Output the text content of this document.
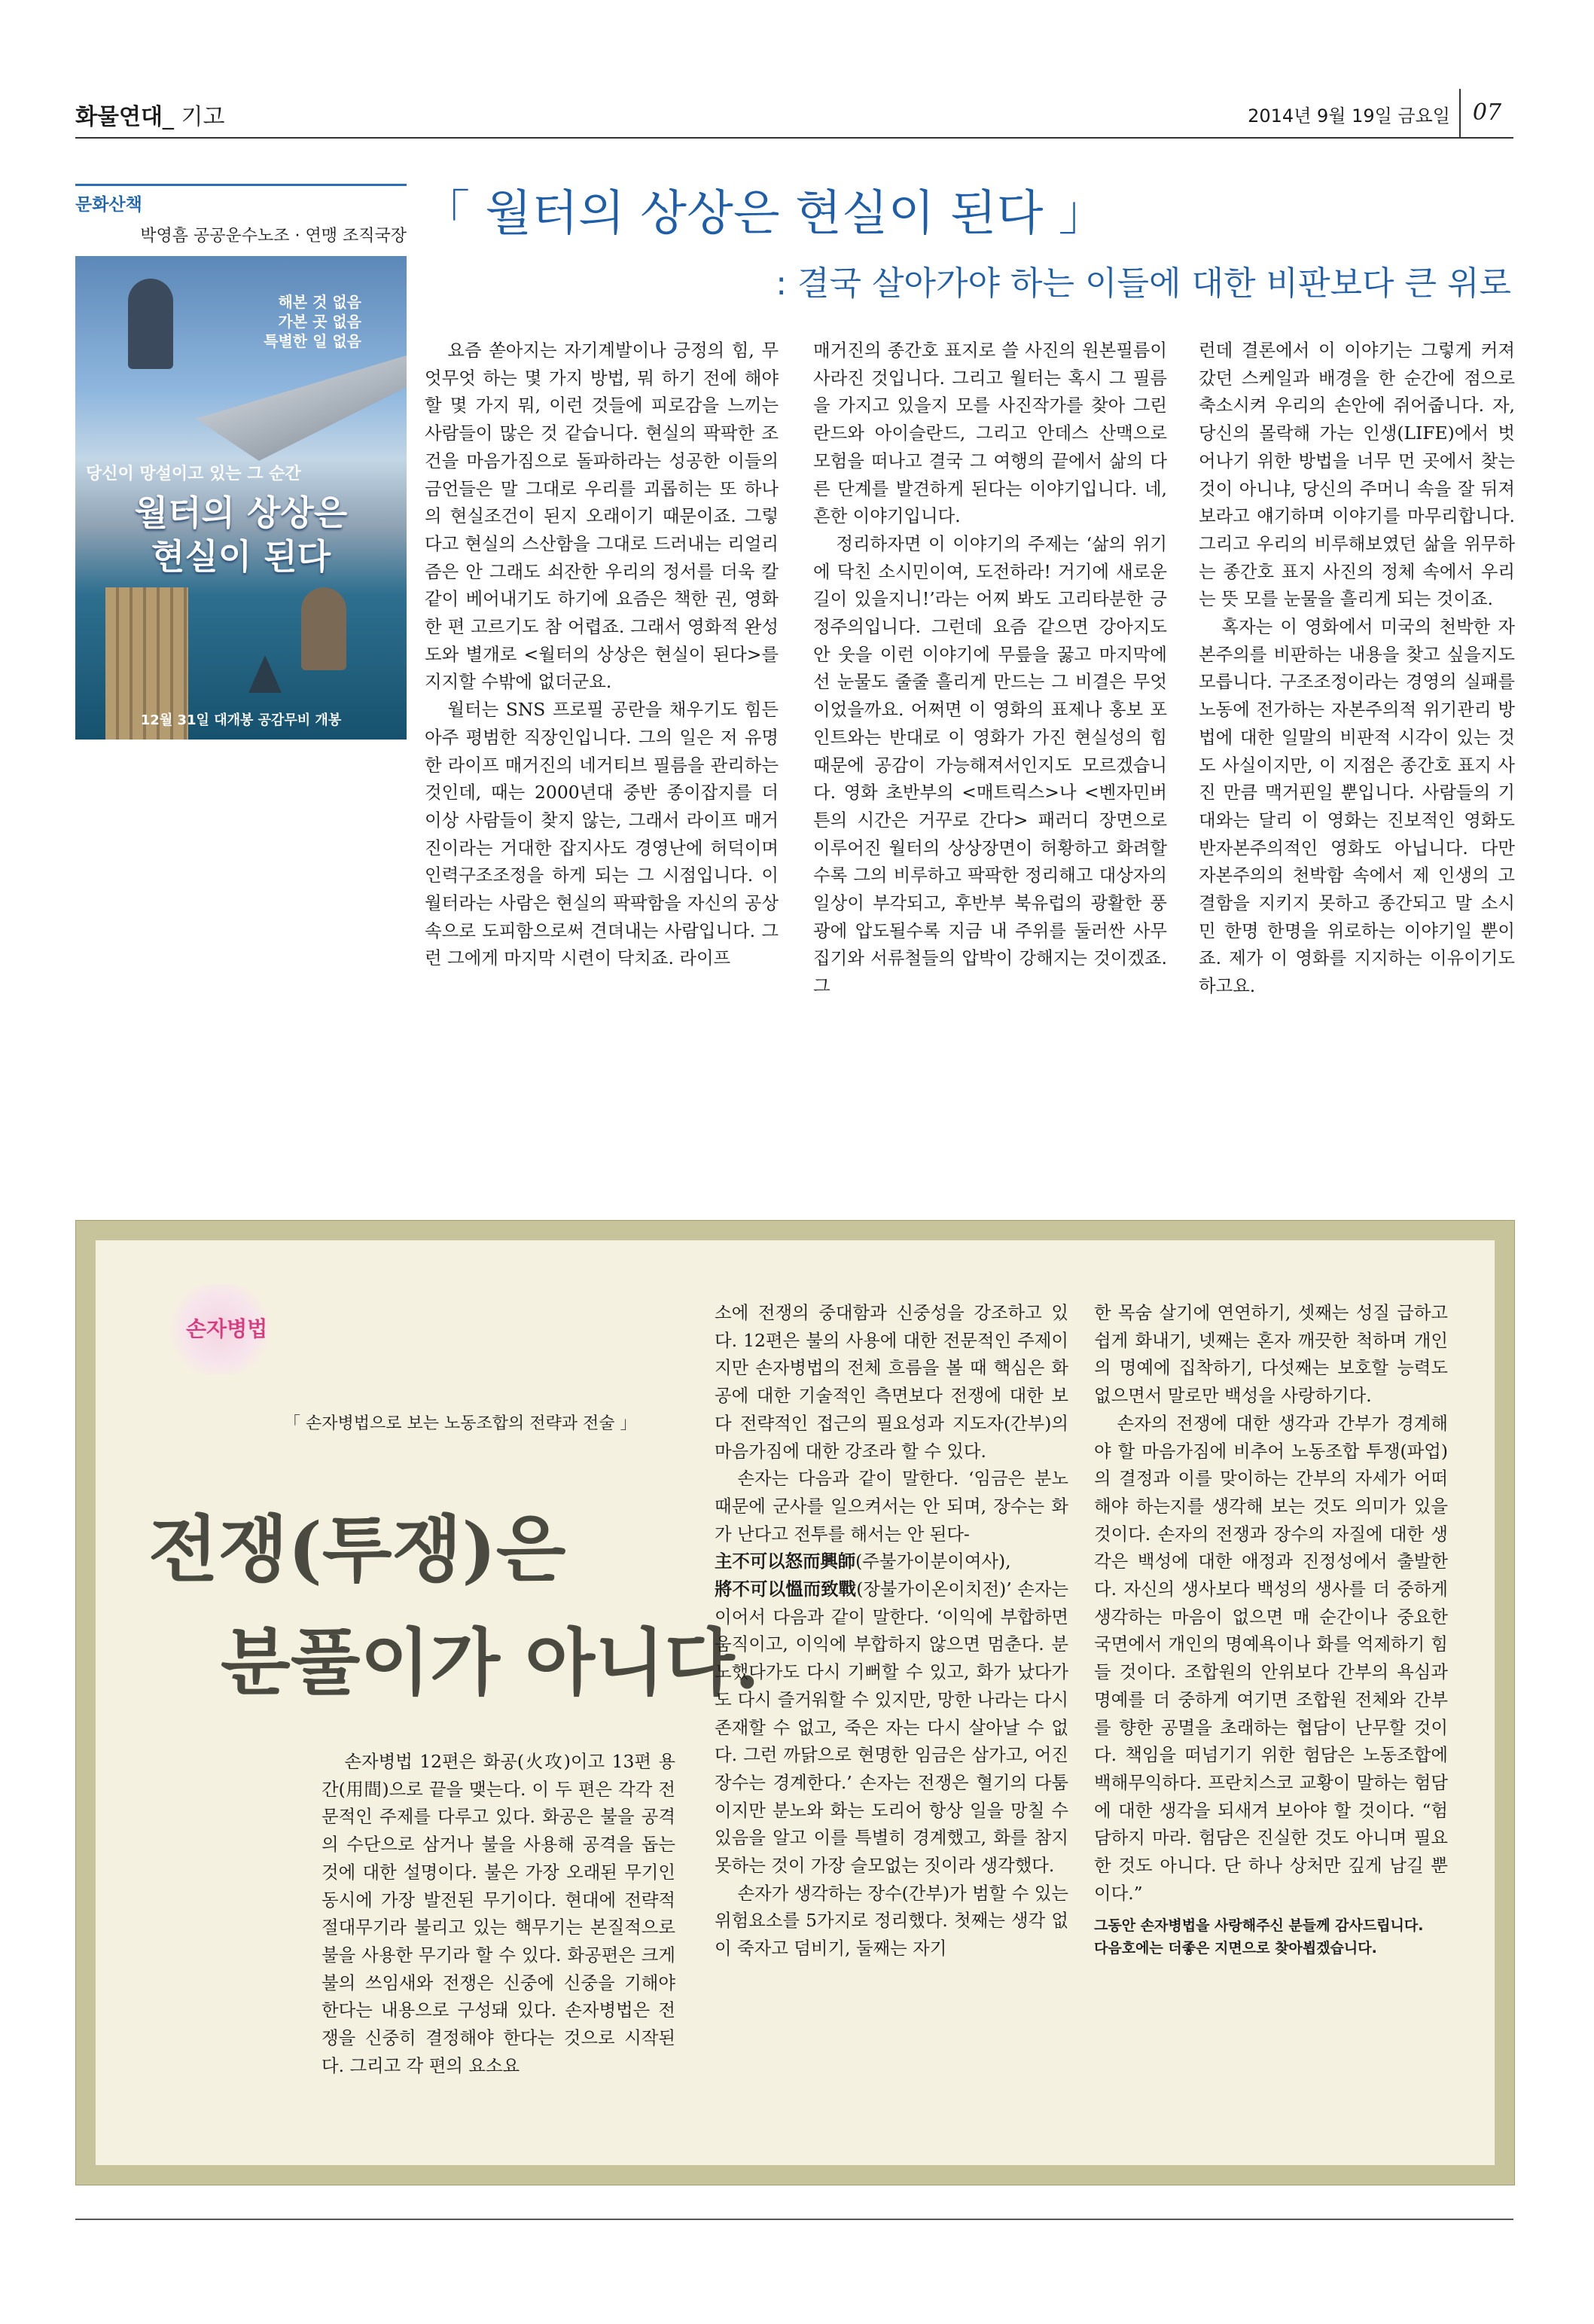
화물연대_ 기고	2014년 9월 19일 금요일 07
문화산책
박영흠 공공운수노조 · 연맹 조직국장
해본 것 없음
가본 곳 없음
특별한 일 없음
당신이 망설이고 있는 그 순간
월터의 상상은
현실이 된다
12월 31일 대개봉 공감무비 개봉
「 월터의 상상은 현실이 된다 」
: 결국 살아가야 하는 이들에 대한 비판보다 큰 위로

요즘 쏟아지는 자기계발이나 긍정의 힘, 무엇무엇 하는 몇 가지 방법, 뭐 하기 전에 해야 할 몇 가지 뭐, 이런 것들에 피로감을 느끼는 사람들이 많은 것 같습니다. 현실의 팍팍한 조건을 마음가짐으로 돌파하라는 성공한 이들의 금언들은 말 그대로 우리를 괴롭히는 또 하나의 현실조건이 된지 오래이기 때문이죠. 그렇다고 현실의 스산함을 그대로 드러내는 리얼리즘은 안 그래도 쇠잔한 우리의 정서를 더욱 칼같이 베어내기도 하기에 요즘은 책한 권, 영화한 편 고르기도 참 어렵죠. 그래서 영화적 완성도와 별개로 <월터의 상상은 현실이 된다>를 지지할 수밖에 없더군요.

월터는 SNS 프로필 공란을 채우기도 힘든 아주 평범한 직장인입니다. 그의 일은 저 유명한 라이프 매거진의 네거티브 필름을 관리하는 것인데, 때는 2000년대 중반 종이잡지를 더 이상 사람들이 찾지 않는, 그래서 라이프 매거진이라는 거대한 잡지사도 경영난에 허덕이며 인력구조조정을 하게 되는 그 시점입니다. 이 월터라는 사람은 현실의 팍팍함을 자신의 공상 속으로 도피함으로써 견뎌내는 사람입니다. 그런 그에게 마지막 시련이 닥치죠. 라이프

매거진의 종간호 표지로 쓸 사진의 원본필름이 사라진 것입니다. 그리고 월터는 혹시 그 필름을 가지고 있을지 모를 사진작가를 찾아 그린란드와 아이슬란드, 그리고 안데스 산맥으로 모험을 떠나고 결국 그 여행의 끝에서 삶의 다른 단계를 발견하게 된다는 이야기입니다. 네, 흔한 이야기입니다.

정리하자면 이 이야기의 주제는 ‘삶의 위기에 닥친 소시민이여, 도전하라! 거기에 새로운 길이 있을지니!’라는 어찌 봐도 고리타분한 긍정주의입니다. 그런데 요즘 같으면 강아지도 안 웃을 이런 이야기에 무릎을 꿇고 마지막에선 눈물도 줄줄 흘리게 만드는 그 비결은 무엇이었을까요. 어쩌면 이 영화의 표제나 홍보 포인트와는 반대로 이 영화가 가진 현실성의 힘 때문에 공감이 가능해져서인지도 모르겠습니다. 영화 초반부의 <매트릭스>나 <벤자민버튼의 시간은 거꾸로 간다> 패러디 장면으로 이루어진 월터의 상상장면이 허황하고 화려할수록 그의 비루하고 팍팍한 정리해고 대상자의 일상이 부각되고, 후반부 북유럽의 광활한 풍광에 압도될수록 지금 내 주위를 둘러싼 사무집기와 서류철들의 압박이 강해지는 것이겠죠. 그

런데 결론에서 이 이야기는 그렇게 커져갔던 스케일과 배경을 한 순간에 점으로 축소시켜 우리의 손안에 쥐어줍니다. 자, 당신의 몰락해 가는 인생(LIFE)에서 벗어나기 위한 방법을 너무 먼 곳에서 찾는 것이 아니냐, 당신의 주머니 속을 잘 뒤져보라고 얘기하며 이야기를 마무리합니다. 그리고 우리의 비루해보였던 삶을 위무하는 종간호 표지 사진의 정체 속에서 우리는 뜻 모를 눈물을 흘리게 되는 것이죠.

혹자는 이 영화에서 미국의 천박한 자본주의를 비판하는 내용을 찾고 싶을지도 모릅니다. 구조조정이라는 경영의 실패를 노동에 전가하는 자본주의적 위기관리 방법에 대한 일말의 비판적 시각이 있는 것도 사실이지만, 이 지점은 종간호 표지 사진 만큼 맥거핀일 뿐입니다. 사람들의 기대와는 달리 이 영화는 진보적인 영화도 반자본주의적인 영화도 아닙니다. 다만 자본주의의 천박함 속에서 제 인생의 고결함을 지키지 못하고 종간되고 말 소시민 한명 한명을 위로하는 이야기일 뿐이죠. 제가 이 영화를 지지하는 이유이기도 하고요.

손자병법
「 손자병법으로 보는 노동조합의 전략과 전술 」
전쟁(투쟁)은
분풀이가 아니다.

손자병법 12편은 화공(火攻)이고 13편 용간(用間)으로 끝을 맺는다. 이 두 편은 각각 전문적인 주제를 다루고 있다. 화공은 불을 공격의 수단으로 삼거나 불을 사용해 공격을 돕는 것에 대한 설명이다. 불은 가장 오래된 무기인 동시에 가장 발전된 무기이다. 현대에 전략적 절대무기라 불리고 있는 핵무기는 본질적으로 불을 사용한 무기라 할 수 있다. 화공편은 크게 불의 쓰임새와 전쟁은 신중에 신중을 기해야 한다는 내용으로 구성돼 있다. 손자병법은 전쟁을 신중히 결정해야 한다는 것으로 시작된다. 그리고 각 편의 요소요

소에 전쟁의 중대함과 신중성을 강조하고 있다. 12편은 불의 사용에 대한 전문적인 주제이지만 손자병법의 전체 흐름을 볼 때 핵심은 화공에 대한 기술적인 측면보다 전쟁에 대한 보다 전략적인 접근의 필요성과 지도자(간부)의 마음가짐에 대한 강조라 할 수 있다.

손자는 다음과 같이 말한다. ‘임금은 분노 때문에 군사를 일으켜서는 안 되며, 장수는 화가 난다고 전투를 해서는 안 된다-
主不可以怒而興師(주불가이분이여사),
將不可以慍而致戰(장불가이온이치전)’ 손자는 이어서 다음과 같이 말한다. ‘이익에 부합하면 움직이고, 이익에 부합하지 않으면 멈춘다. 분노했다가도 다시 기뻐할 수 있고, 화가 났다가도 다시 즐거워할 수 있지만, 망한 나라는 다시 존재할 수 없고, 죽은 자는 다시 살아날 수 없다. 그런 까닭으로 현명한 임금은 삼가고, 어진 장수는 경계한다.’ 손자는 전쟁은 혈기의 다툼이지만 분노와 화는 도리어 항상 일을 망칠 수 있음을 알고 이를 특별히 경계했고, 화를 참지 못하는 것이 가장 슬모없는 짓이라 생각했다.

손자가 생각하는 장수(간부)가 범할 수 있는 위험요소를 5가지로 정리했다. 첫째는 생각 없이 죽자고 덤비기, 둘째는 자기

한 목숨 살기에 연연하기, 셋째는 성질 급하고 쉽게 화내기, 넷째는 혼자 깨끗한 척하며 개인의 명예에 집착하기, 다섯째는 보호할 능력도 없으면서 말로만 백성을 사랑하기다.

손자의 전쟁에 대한 생각과 간부가 경계해야 할 마음가짐에 비추어 노동조합 투쟁(파업)의 결정과 이를 맞이하는 간부의 자세가 어떠해야 하는지를 생각해 보는 것도 의미가 있을 것이다. 손자의 전쟁과 장수의 자질에 대한 생각은 백성에 대한 애정과 진정성에서 출발한다. 자신의 생사보다 백성의 생사를 더 중하게 생각하는 마음이 없으면 매 순간이나 중요한 국면에서 개인의 명예욕이나 화를 억제하기 힘들 것이다. 조합원의 안위보다 간부의 욕심과 명예를 더 중하게 여기면 조합원 전체와 간부를 향한 공멸을 초래하는 협담이 난무할 것이다. 책임을 떠넘기기 위한 험담은 노동조합에 백해무익하다. 프란치스코 교황이 말하는 험담에 대한 생각을 되새겨 보아야 할 것이다. “험담하지 마라. 험담은 진실한 것도 아니며 필요한 것도 아니다. 단 하나 상처만 깊게 남길 뿐이다.”

그동안 손자병법을 사랑해주신 분들께 감사드립니다.
다음호에는 더좋은 지면으로 찾아뵙겠습니다.
